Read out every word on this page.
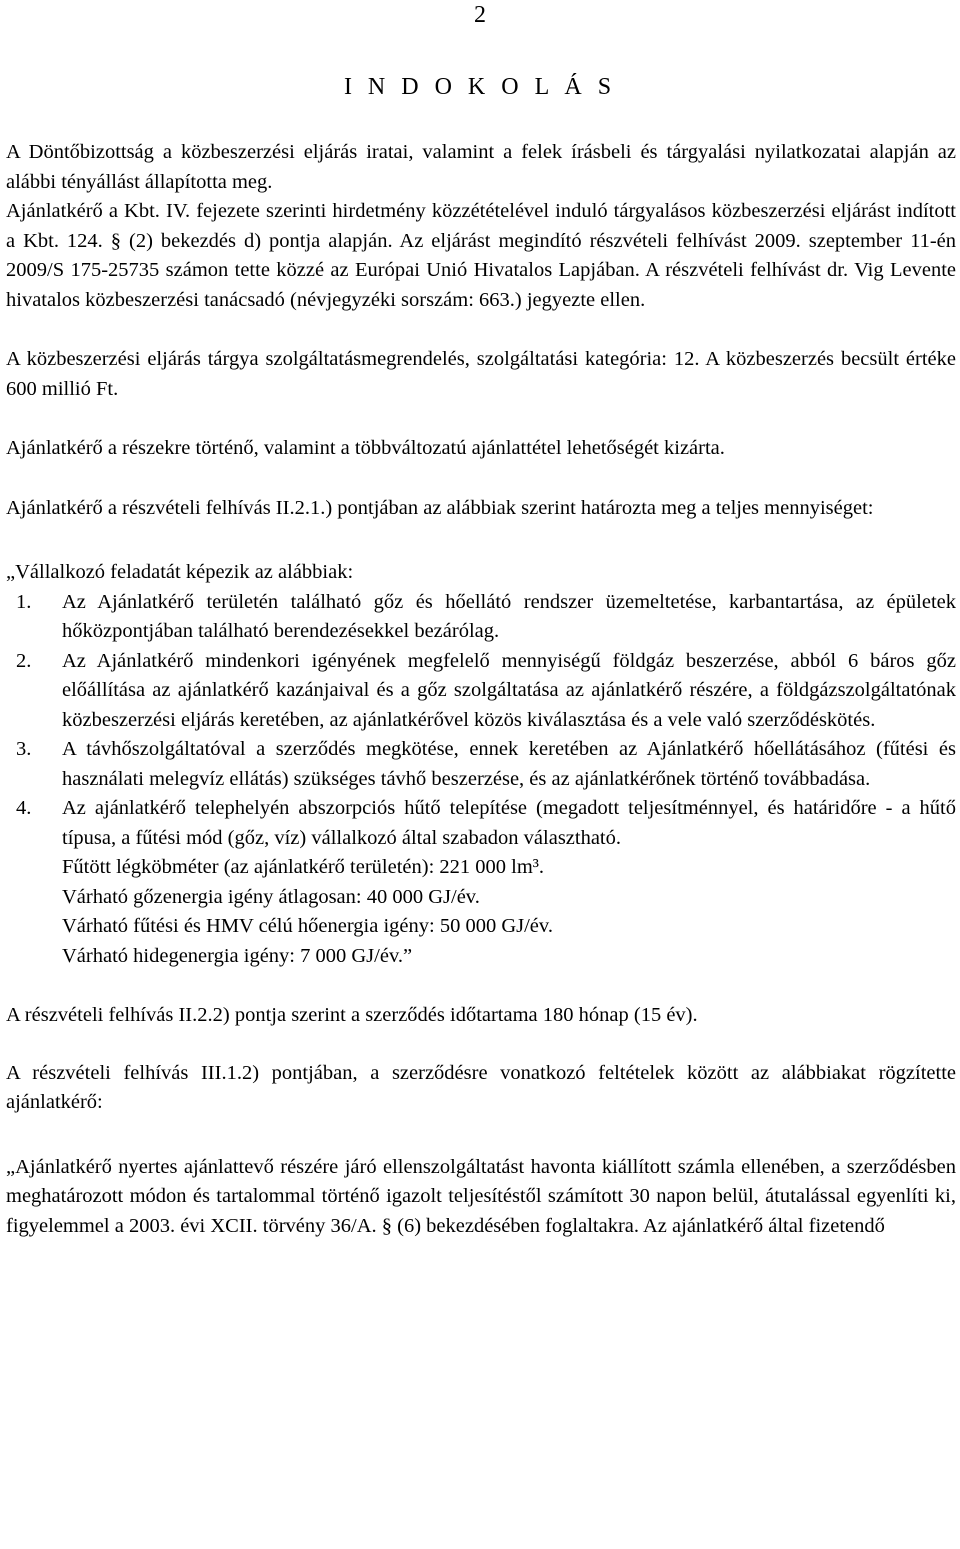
2
I N D O K O L Á S

A Döntőbizottság a közbeszerzési eljárás iratai, valamint a felek írásbeli és tárgyalási nyilatkozatai alapján az alábbi tényállást állapította meg.

Ajánlatkérő a Kbt. IV. fejezete szerinti hirdetmény közzétételével induló tárgyalásos közbeszerzési eljárást indított a Kbt. 124. § (2) bekezdés d) pontja alapján. Az eljárást megindító részvételi felhívást 2009. szeptember 11-én 2009/S 175-25735 számon tette közzé az Európai Unió Hivatalos Lapjában. A részvételi felhívást dr. Vig Levente hivatalos közbeszerzési tanácsadó (névjegyzéki sorszám: 663.) jegyezte ellen.

A közbeszerzési eljárás tárgya szolgáltatásmegrendelés, szolgáltatási kategória: 12. A közbeszerzés becsült értéke 600 millió Ft.

Ajánlatkérő a részekre történő, valamint a többváltozatú ajánlattétel lehetőségét kizárta.

Ajánlatkérő a részvételi felhívás II.2.1.) pontjában az alábbiak szerint határozta meg a teljes mennyiséget:

„Vállalkozó feladatát képezik az alábbiak:

1. Az Ajánlatkérő területén található gőz és hőellátó rendszer üzemeltetése, karbantartása, az épületek hőközpontjában található berendezésekkel bezárólag.
2. Az Ajánlatkérő mindenkori igényének megfelelő mennyiségű földgáz beszerzése, abból 6 báros gőz előállítása az ajánlatkérő kazánjaival és a gőz szolgáltatása az ajánlatkérő részére, a földgázszolgáltatónak közbeszerzési eljárás keretében, az ajánlatkérővel közös kiválasztása és a vele való szerződéskötés.
3. A távhőszolgáltatóval a szerződés megkötése, ennek keretében az Ajánlatkérő hőellátásához (fűtési és használati melegvíz ellátás) szükséges távhő beszerzése, és az ajánlatkérőnek történő továbbadása.
4. Az ajánlatkérő telephelyén abszorpciós hűtő telepítése (megadott teljesítménnyel, és határidőre - a hűtő típusa, a fűtési mód (gőz, víz) vállalkozó által szabadon választható.
Fűtött légköbméter (az ajánlatkérő területén): 221 000 lm³.
Várható gőzenergia igény átlagosan: 40 000 GJ/év.
Várható fűtési és HMV célú hőenergia igény: 50 000 GJ/év.
Várható hidegenergia igény: 7 000 GJ/év.”

A részvételi felhívás II.2.2) pontja szerint a szerződés időtartama 180 hónap (15 év).

A részvételi felhívás III.1.2) pontjában, a szerződésre vonatkozó feltételek között az alábbiakat rögzítette ajánlatkérő:

„Ajánlatkérő nyertes ajánlattevő részére járó ellenszolgáltatást havonta kiállított számla ellenében, a szerződésben meghatározott módon és tartalommal történő igazolt teljesítéstől számított 30 napon belül, átutalással egyenlíti ki, figyelemmel a 2003. évi XCII. törvény 36/A. § (6) bekezdésében foglaltakra. Az ajánlatkérő által fizetendő
